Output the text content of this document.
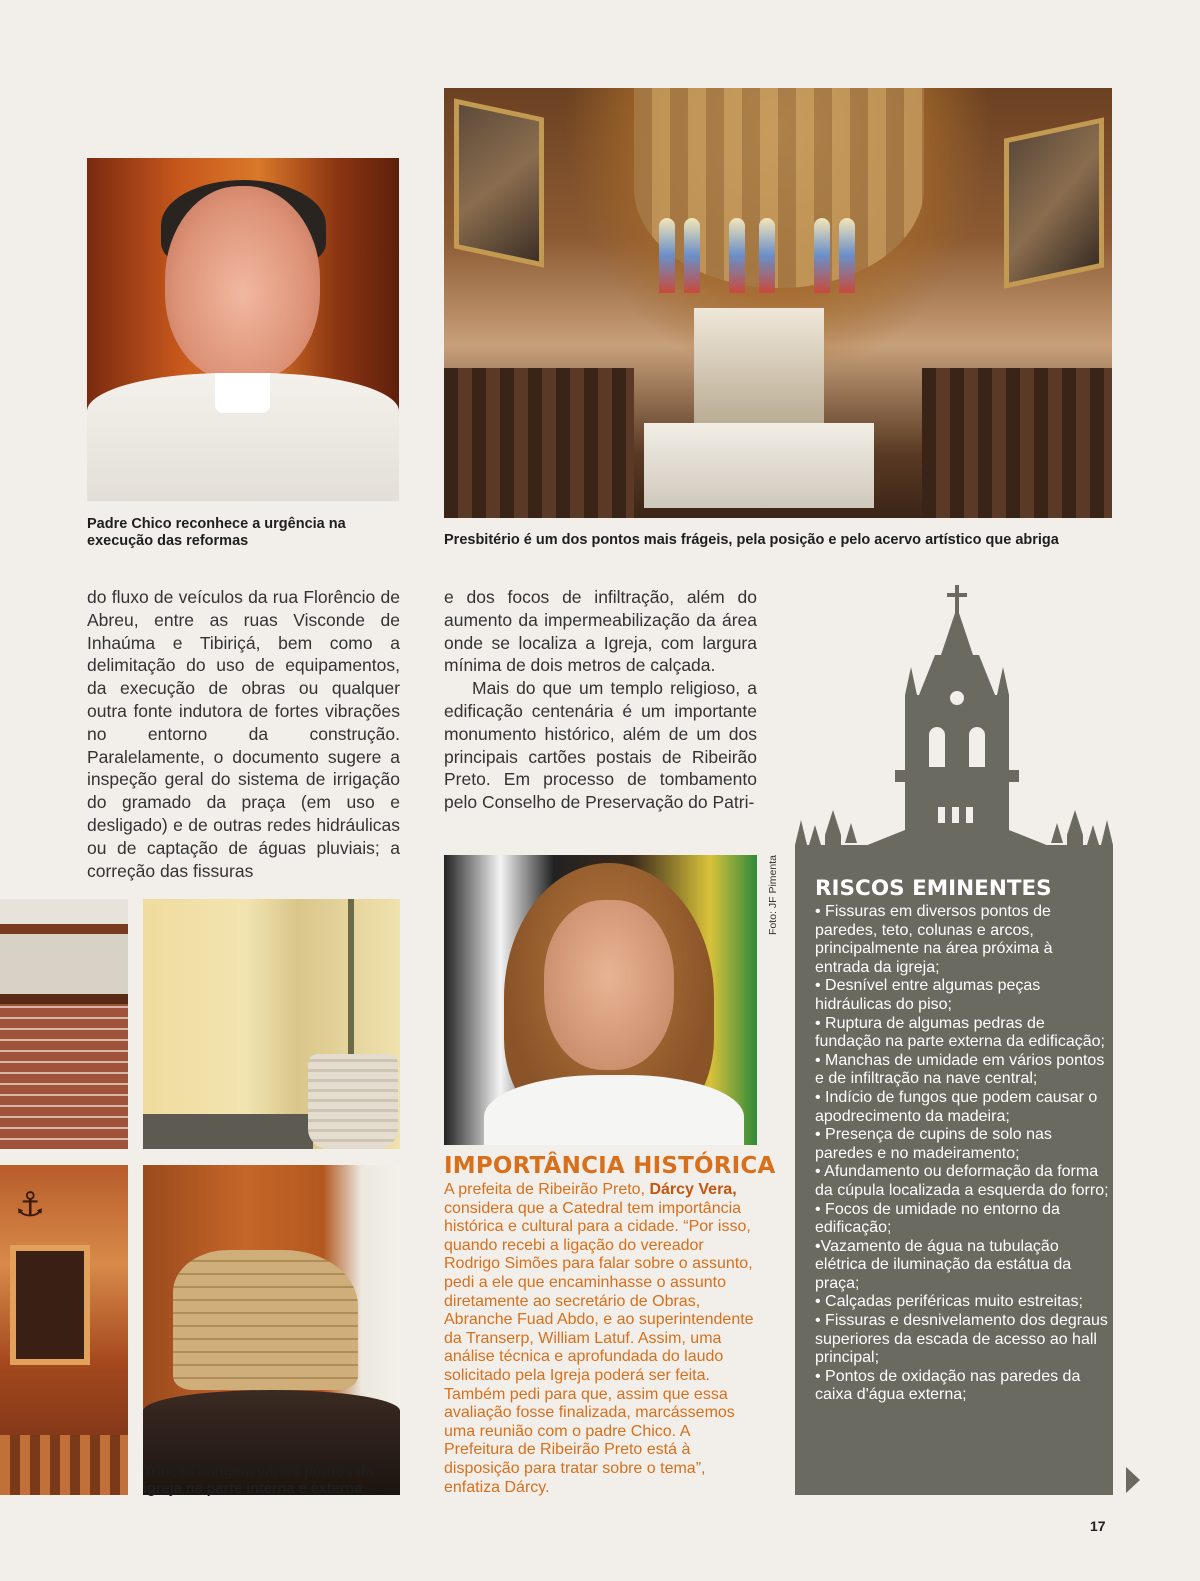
Padre Chico reconhece a urgência na execução das reformas	Presbitério é um dos pontos mais frágeis, pela posição e pelo acervo artístico que abriga

do fluxo de veículos da rua Florêncio de Abreu, entre as ruas Visconde de Inhaúma e Tibiriçá, bem como a delimitação do uso de equipamentos, da execução de obras ou qualquer outra fonte indutora de fortes vibrações no entorno da construção. Paralelamente, o documento sugere a inspeção geral do sistema de irrigação do gramado da praça (em uso e desligado) e de outras redes hidráulicas ou de captação de águas pluviais; a correção das fissuras

e dos focos de infiltração, além do aumento da impermeabilização da área onde se localiza a Igreja, com largura mínima de dois metros de calçada.

Mais do que um templo religioso, a edificação centenária é um importante monumento histórico, além de um dos principais cartões postais de Ribeirão Preto. Em processo de tombamento pelo Conselho de Preservação do Patri-

⚓
Trincas atingem vários pontos da igreja na parte interna e externa
Foto: JF Pimenta
IMPORTÂNCIA HISTÓRICA
A prefeita de Ribeirão Preto, Dárcy Vera, considera que a Catedral tem importância histórica e cultural para a cidade. “Por isso, quando recebi a ligação do vereador Rodrigo Simões para falar sobre o assunto, pedi a ele que encaminhasse o assunto diretamente ao secretário de Obras, Abranche Fuad Abdo, e ao superintendente da Transerp, William Latuf. Assim, uma análise técnica e aprofundada do laudo solicitado pela Igreja poderá ser feita. Também pedi para que, assim que essa avaliação fosse finalizada, marcássemos uma reunião com o padre Chico. A Prefeitura de Ribeirão Preto está à disposição para tratar sobre o tema”, enfatiza Dárcy.
RISCOS EMINENTES
• Fissuras em diversos pontos de paredes, teto, colunas e arcos, principalmente na área próxima à entrada da igreja;
• Desnível entre algumas peças hidráulicas do piso;
• Ruptura de algumas pedras de fundação na parte externa da edificação;
• Manchas de umidade em vários pontos e de infiltração na nave central;
• Indício de fungos que podem causar o apodrecimento da madeira;
• Presença de cupins de solo nas paredes e no madeiramento;
• Afundamento ou deformação da forma da cúpula localizada a esquerda do forro;
• Focos de umidade no entorno da edificação;
•Vazamento de água na tubulação elétrica de iluminação da estátua da praça;
• Calçadas periféricas muito estreitas;
• Fissuras e desnivelamento dos degraus superiores da escada de acesso ao hall principal;
• Pontos de oxidação nas paredes da caixa d'água externa;
17
